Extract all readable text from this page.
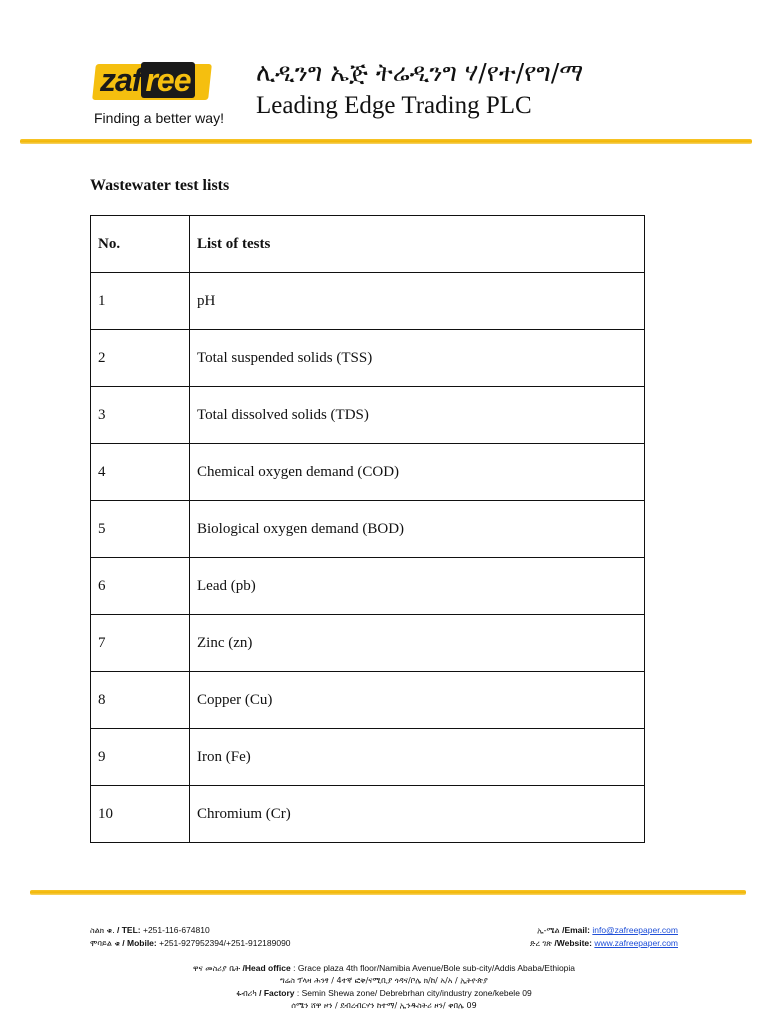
zaf ree
Finding a better way!
ሊዲንግ ኤጅ ትሬዲንግ ሃ/የተ/የግ/ማ
Leading Edge Trading PLC
Wastewater test lists
No.	List of tests
1	pH
2	Total suspended solids (TSS)
3	Total dissolved solids (TDS)
4	Chemical oxygen demand (COD)
5	Biological oxygen demand (BOD)
6	Lead (pb)
7	Zinc (zn)
8	Copper (Cu)
9	Iron (Fe)
10	Chromium (Cr)
ስልክ ቁ. / TEL: +251-116-674810
ሞባይል ቁ / Mobile: +251-927952394/+251-912189090
ኢ-ሜል /Email: info@zafreepaper.com
ድረ ገጽ /Website: www.zafreepaper.com
ዋና መስሪያ ቤት /Head office : Grace plaza 4th floor/Namibia Avenue/Bole sub-city/Addis Ababa/Ethiopia
ግሬስ ፕላዛ ሕንፃ / 4ተኛ ፎቅ/ናሚቢያ ጎዳና/ቦሌ ክ/ከ/ አ/አ / ኢትዮጵያ
ፋብሪካ / Factory : Semin Shewa zone/ Debrebrhan city/industry zone/kebele 09
ሰሜን ሸዋ ዞን / ደብረብርሃን ከተማ/ ኢንዱስትሪ ዞን/ ቀበሌ 09
